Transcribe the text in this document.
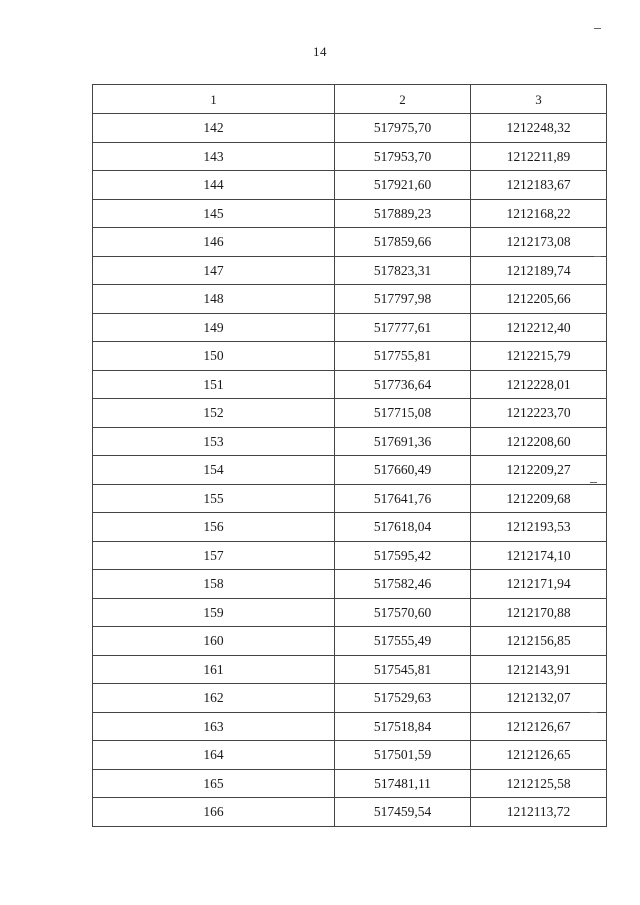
14
1	2	3
142	517975,70	1212248,32
143	517953,70	1212211,89
144	517921,60	1212183,67
145	517889,23	1212168,22
146	517859,66	1212173,08
147	517823,31	1212189,74
148	517797,98	1212205,66
149	517777,61	1212212,40
150	517755,81	1212215,79
151	517736,64	1212228,01
152	517715,08	1212223,70
153	517691,36	1212208,60
154	517660,49	1212209,27
155	517641,76	1212209,68
156	517618,04	1212193,53
157	517595,42	1212174,10
158	517582,46	1212171,94
159	517570,60	1212170,88
160	517555,49	1212156,85
161	517545,81	1212143,91
162	517529,63	1212132,07
163	517518,84	1212126,67
164	517501,59	1212126,65
165	517481,11	1212125,58
166	517459,54	1212113,72
